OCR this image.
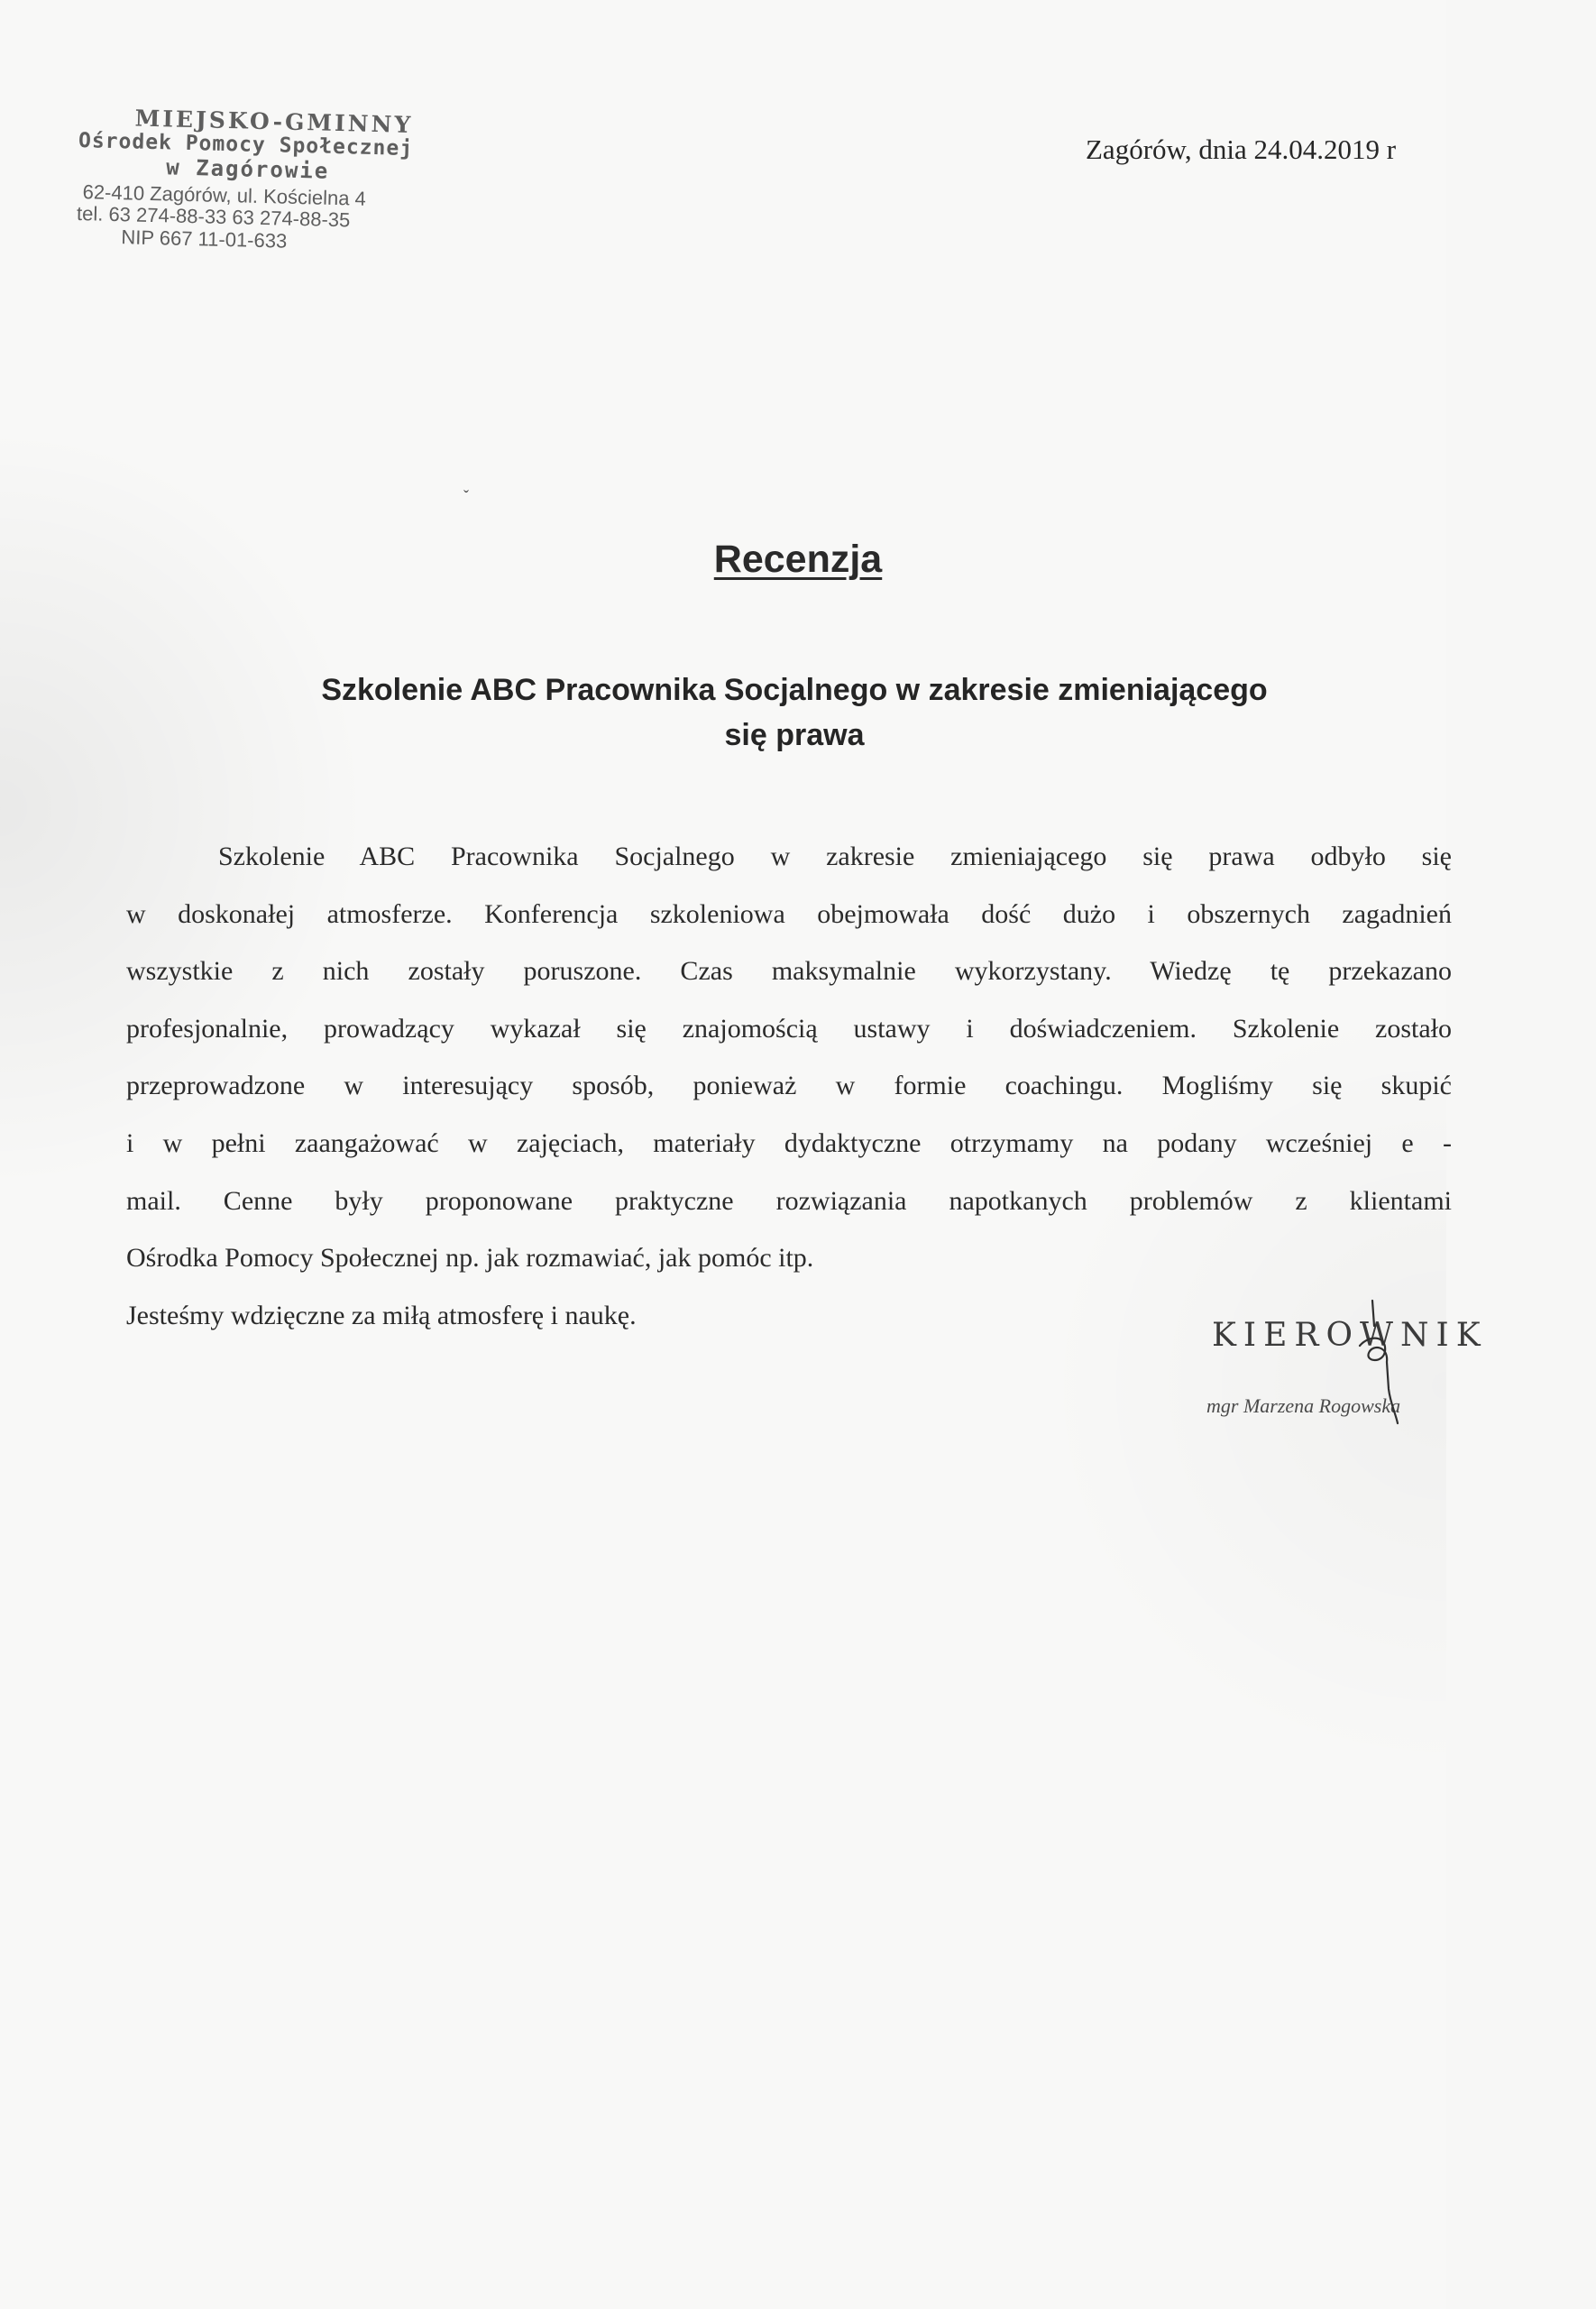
MIEJSKO-GMINNY
Ośrodek Pomocy Społecznej
w Zagórowie
62-410 Zagórów, ul. Kościelna 4
tel. 63 274-88-33 63 274-88-35
NIP 667 11-01-633
Zagórów, dnia 24.04.2019 r
ˇ
Recenzja
Szkolenie ABC Pracownika Socjalnego w zakresie zmieniającego
się prawa
Szkolenie ABC Pracownika Socjalnego w zakresie zmieniającego się prawa odbyło się
w doskonałej atmosferze. Konferencja szkoleniowa obejmowała dość dużo i obszernych zagadnień
wszystkie z nich zostały poruszone. Czas maksymalnie wykorzystany. Wiedzę tę przekazano
profesjonalnie, prowadzący wykazał się znajomością ustawy i doświadczeniem. Szkolenie zostało
przeprowadzone w interesujący sposób, ponieważ w formie coachingu. Mogliśmy się skupić
i w pełni zaangażować w zajęciach, materiały dydaktyczne otrzymamy na podany wcześniej e -
mail. Cenne były proponowane praktyczne rozwiązania napotkanych problemów z klientami
Ośrodka Pomocy Społecznej np. jak rozmawiać, jak pomóc itp.
Jesteśmy wdzięczne za miłą atmosferę i naukę.
KIEROWNIK
mgr Marzena Rogowska
